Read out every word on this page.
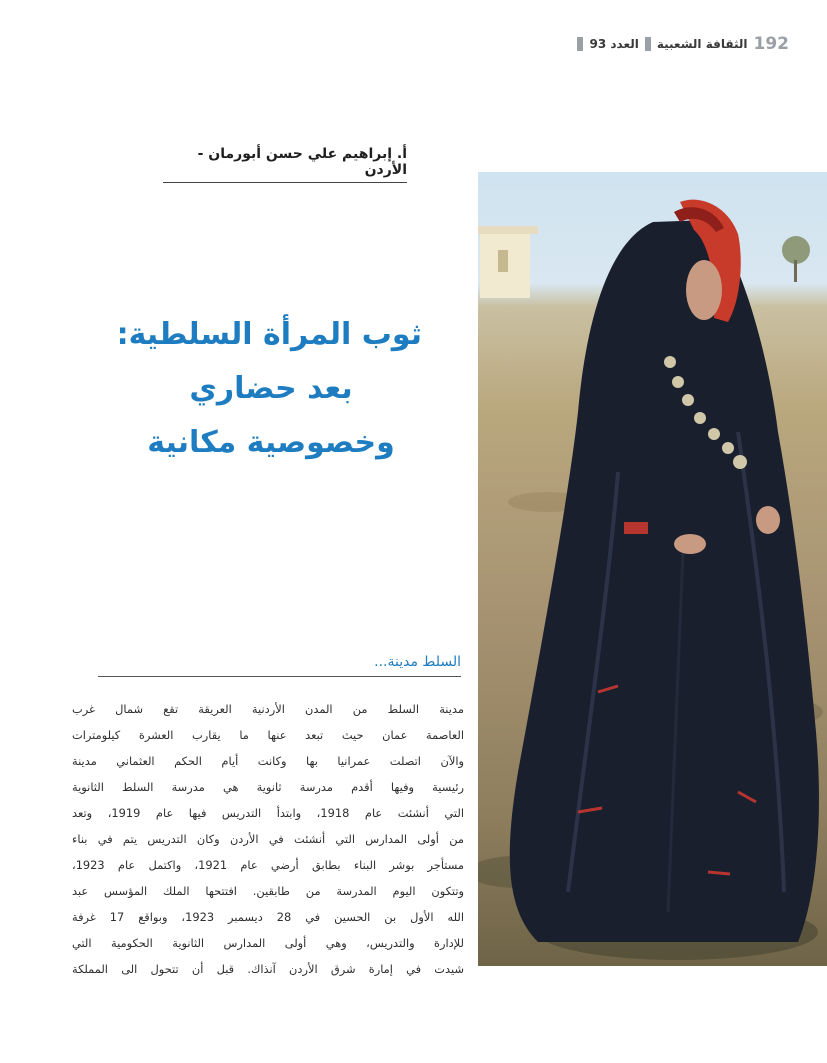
192
الثقافة الشعبية
العدد 93
أ. إبراهيم علي حسن أبورمان - الأردن
ثوب المرأة السلطية:
بعد حضاري
وخصوصية مكانية
السلط مدينة...
مدينة السلط من المدن الأردنية العريقة تقع شمال غرب
العاصمة عمان حيث تبعد عنها ما يقارب العشرة كيلومترات
والآن اتصلت عمرانيا بها وكانت أيام الحكم العثماني مدينة
رئيسية وفيها أقدم مدرسة ثانوية هي مدرسة السلط الثانوية
التي أنشئت عام 1918، وابتدأ التدريس فيها عام 1919، وتعد
من أولى المدارس التي أنشئت في الأردن وكان التدريس يتم في بناء
مستأجر بوشر البناء بطابق أرضي عام 1921، واكتمل عام 1923،
وتتكون اليوم المدرسة من طابقين. افتتحها الملك المؤسس عبد
الله الأول بن الحسين في 28 ديسمبر 1923، وبواقع 17 غرفة
للإدارة والتدريس، وهي أولى المدارس الثانوية الحكومية التي
شيدت في إمارة شرق الأردن آنذاك. قبل أن تتحول الى المملكة
